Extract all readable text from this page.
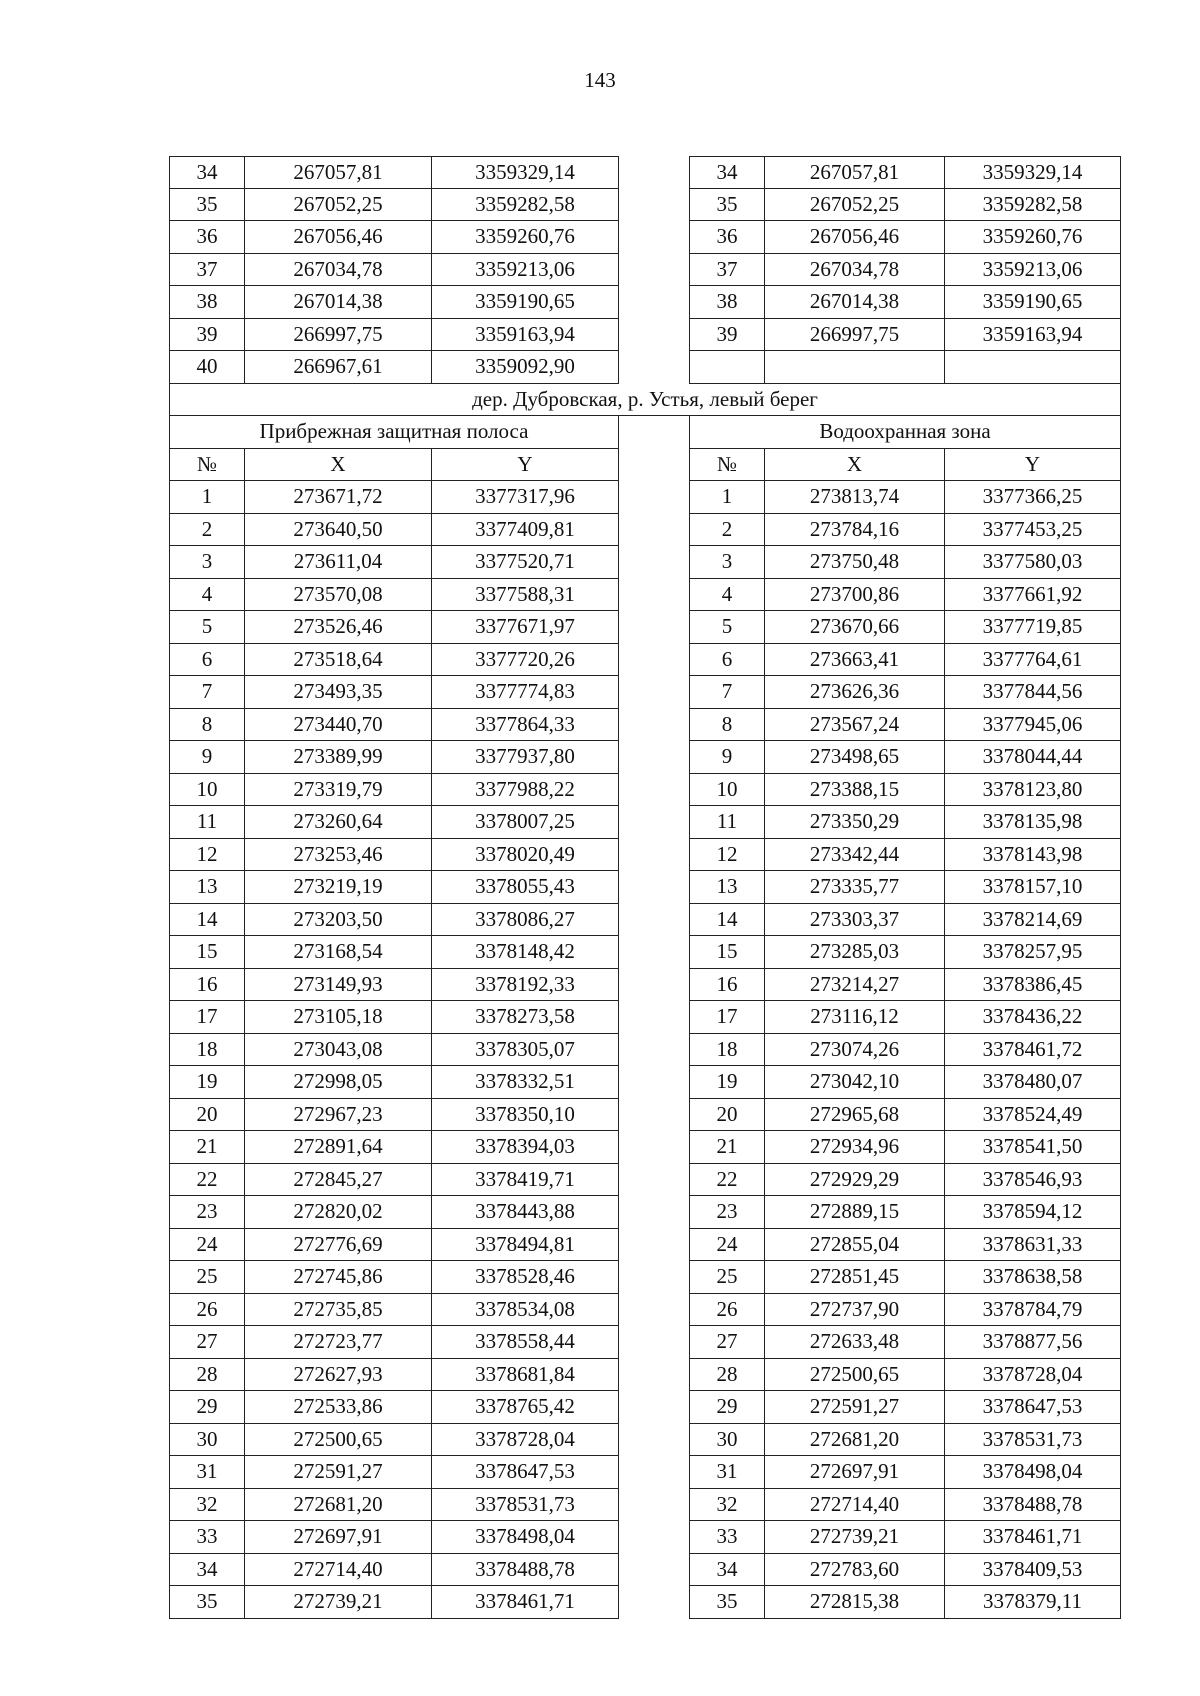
143
34	267057,81	3359329,14	34	267057,81	3359329,14
35	267052,25	3359282,58	35	267052,25	3359282,58
36	267056,46	3359260,76	36	267056,46	3359260,76
37	267034,78	3359213,06	37	267034,78	3359213,06
38	267014,38	3359190,65	38	267014,38	3359190,65
39	266997,75	3359163,94	39	266997,75	3359163,94
40	266967,61	3359092,90
дер. Дубровская, р. Устья, левый берег
Прибрежная защитная полоса	Водоохранная зона
№	X	Y	№	X	Y
1	273671,72	3377317,96	1	273813,74	3377366,25
2	273640,50	3377409,81	2	273784,16	3377453,25
3	273611,04	3377520,71	3	273750,48	3377580,03
4	273570,08	3377588,31	4	273700,86	3377661,92
5	273526,46	3377671,97	5	273670,66	3377719,85
6	273518,64	3377720,26	6	273663,41	3377764,61
7	273493,35	3377774,83	7	273626,36	3377844,56
8	273440,70	3377864,33	8	273567,24	3377945,06
9	273389,99	3377937,80	9	273498,65	3378044,44
10	273319,79	3377988,22	10	273388,15	3378123,80
11	273260,64	3378007,25	11	273350,29	3378135,98
12	273253,46	3378020,49	12	273342,44	3378143,98
13	273219,19	3378055,43	13	273335,77	3378157,10
14	273203,50	3378086,27	14	273303,37	3378214,69
15	273168,54	3378148,42	15	273285,03	3378257,95
16	273149,93	3378192,33	16	273214,27	3378386,45
17	273105,18	3378273,58	17	273116,12	3378436,22
18	273043,08	3378305,07	18	273074,26	3378461,72
19	272998,05	3378332,51	19	273042,10	3378480,07
20	272967,23	3378350,10	20	272965,68	3378524,49
21	272891,64	3378394,03	21	272934,96	3378541,50
22	272845,27	3378419,71	22	272929,29	3378546,93
23	272820,02	3378443,88	23	272889,15	3378594,12
24	272776,69	3378494,81	24	272855,04	3378631,33
25	272745,86	3378528,46	25	272851,45	3378638,58
26	272735,85	3378534,08	26	272737,90	3378784,79
27	272723,77	3378558,44	27	272633,48	3378877,56
28	272627,93	3378681,84	28	272500,65	3378728,04
29	272533,86	3378765,42	29	272591,27	3378647,53
30	272500,65	3378728,04	30	272681,20	3378531,73
31	272591,27	3378647,53	31	272697,91	3378498,04
32	272681,20	3378531,73	32	272714,40	3378488,78
33	272697,91	3378498,04	33	272739,21	3378461,71
34	272714,40	3378488,78	34	272783,60	3378409,53
35	272739,21	3378461,71	35	272815,38	3378379,11
